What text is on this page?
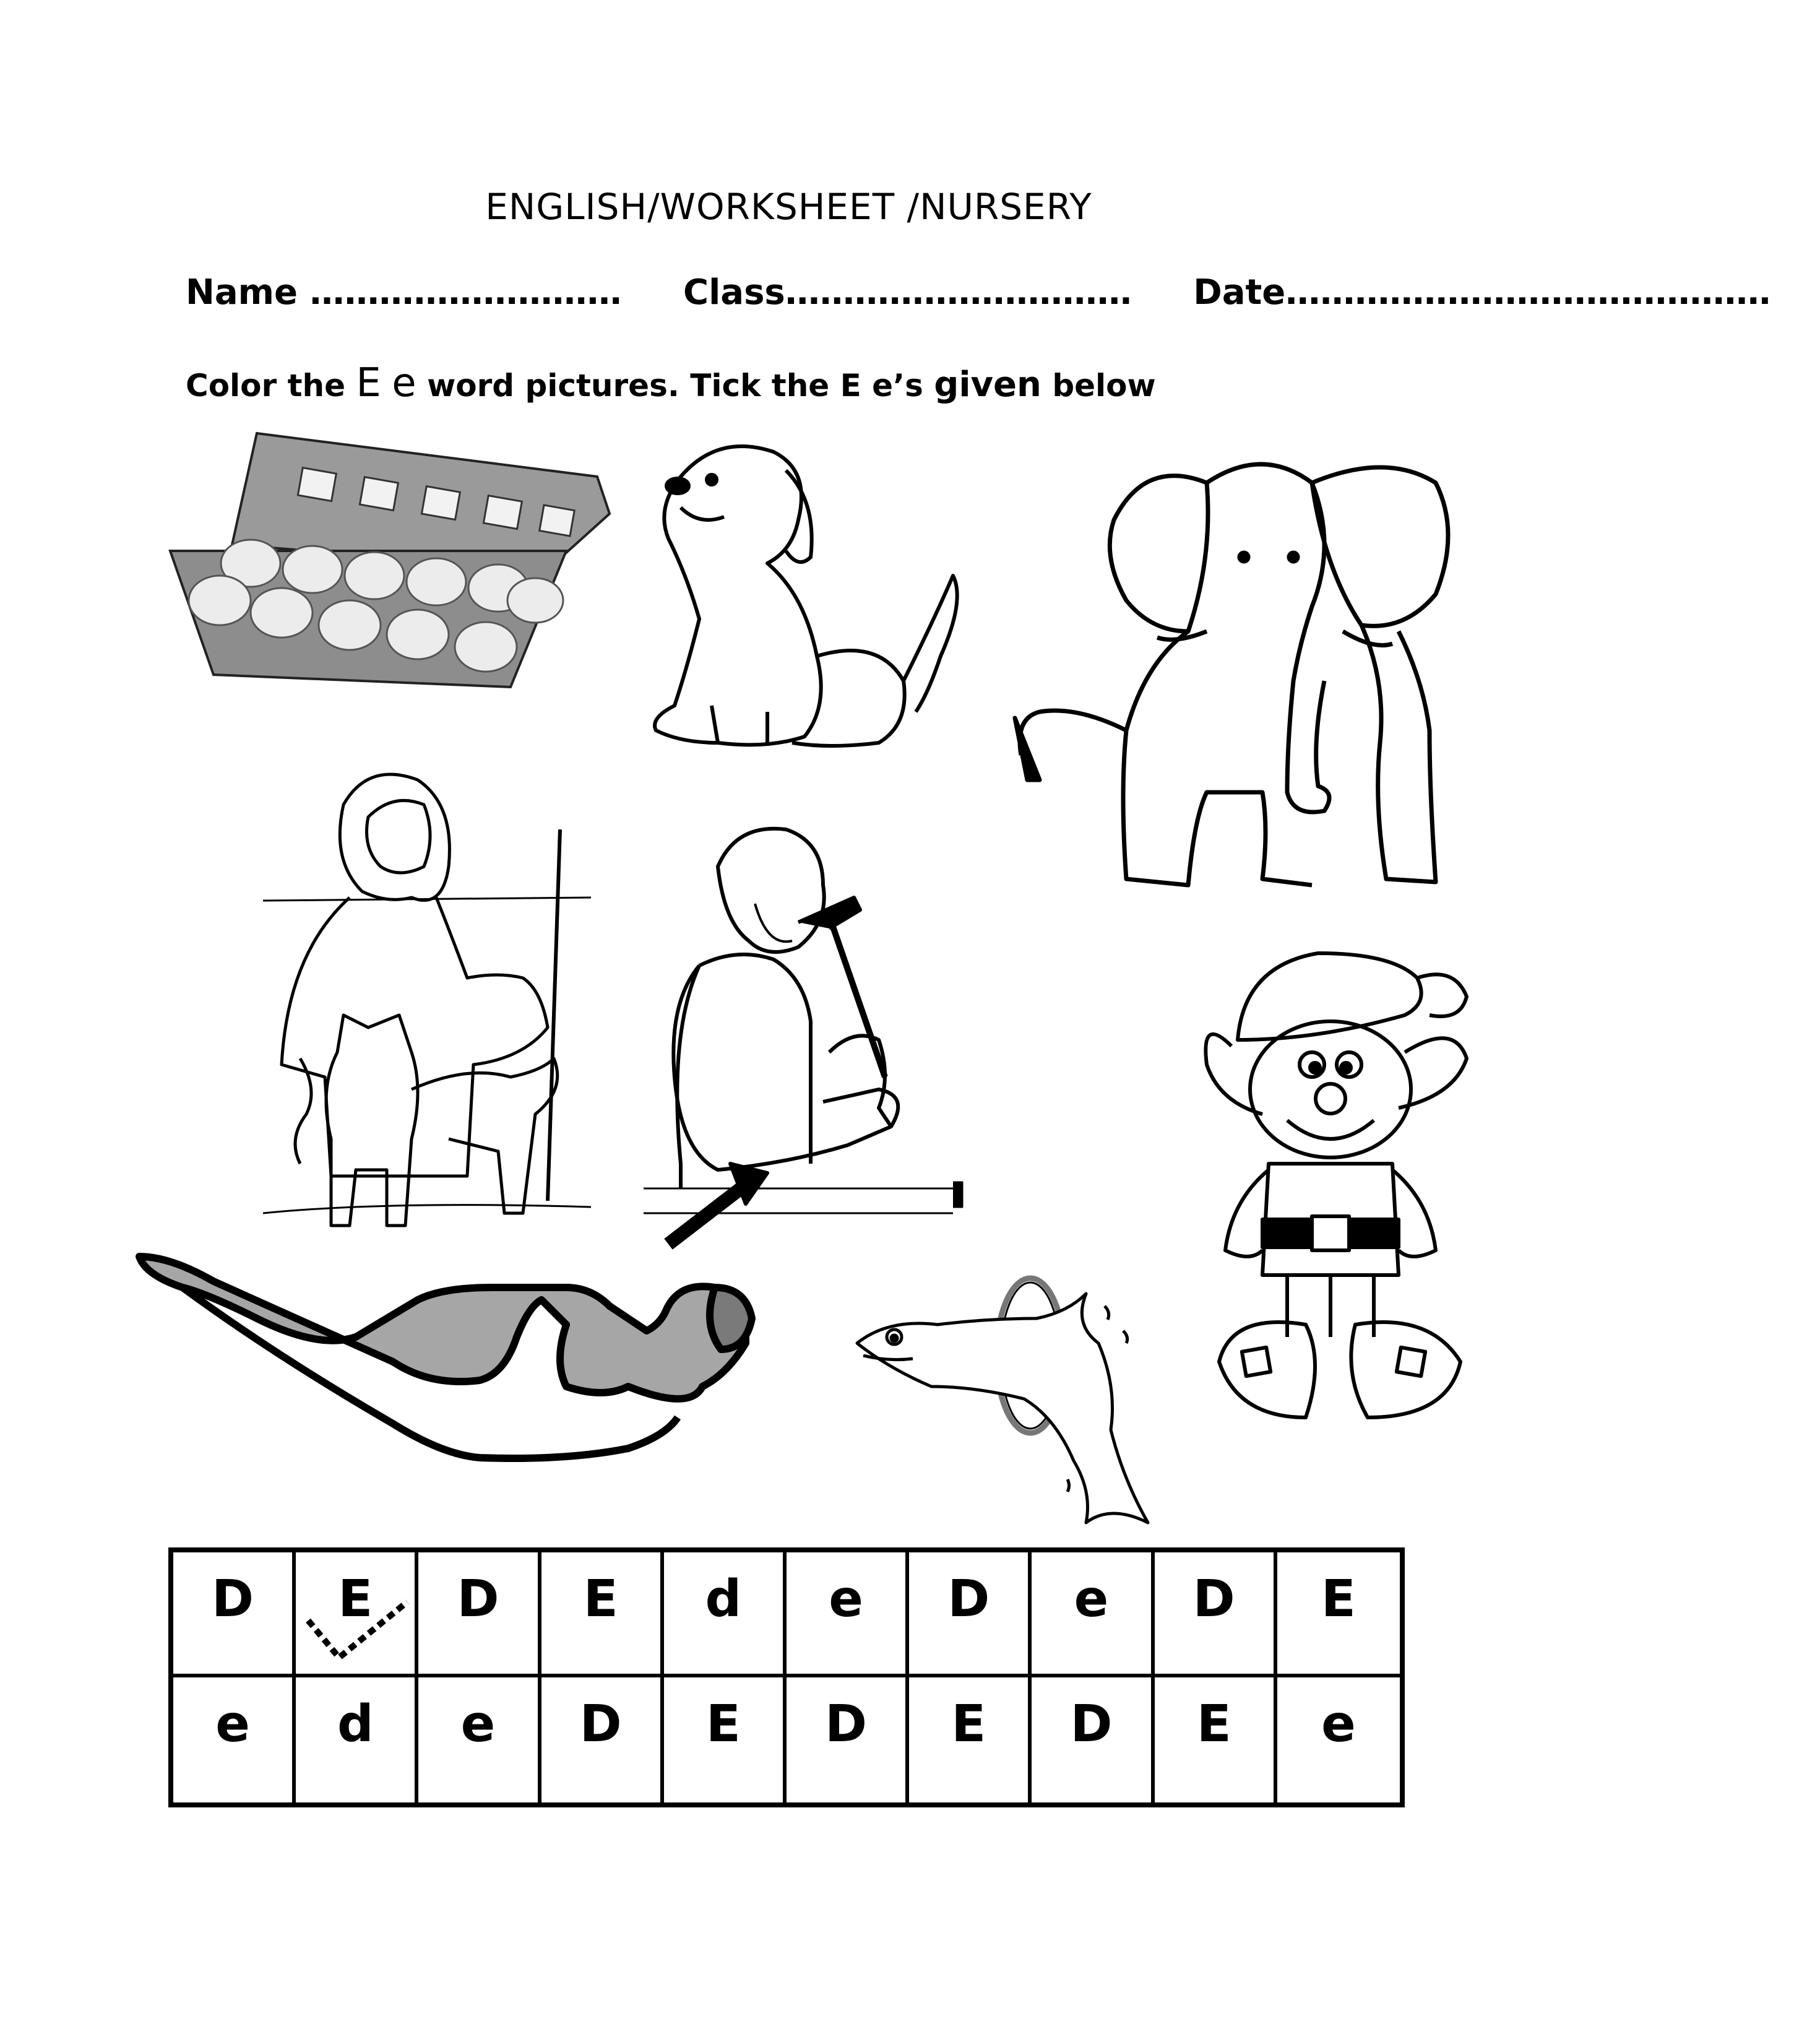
ENGLISH/WORKSHEET /NURSERY
Name ……………………… Class………………………… Date……………………………………
Color the E e word pictures. Tick the E e’s given below
D	E	D	E	d	e	D	e	D	E
e	d	e	D	E	D	E	D	E	e
